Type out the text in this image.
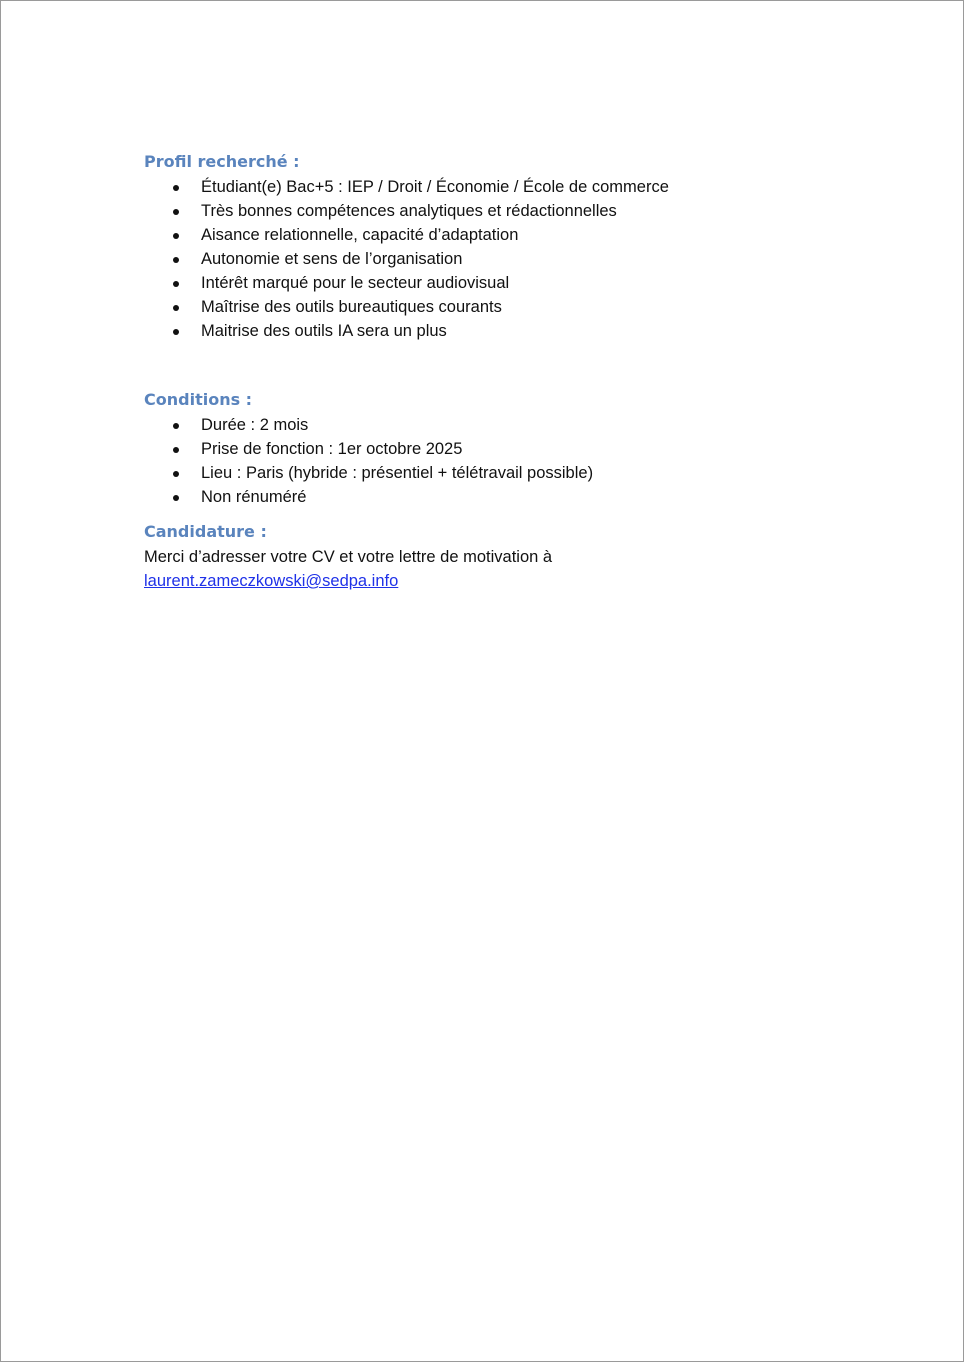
Profil recherché :
Étudiant(e) Bac+5 : IEP / Droit / Économie / École de commerce
Très bonnes compétences analytiques et rédactionnelles
Aisance relationnelle, capacité d’adaptation
Autonomie et sens de l’organisation
Intérêt marqué pour le secteur audiovisual
Maîtrise des outils bureautiques courants
Maitrise des outils IA sera un plus
Conditions :
Durée : 2 mois
Prise de fonction : 1er octobre 2025
Lieu : Paris (hybride : présentiel + télétravail possible)
Non rénuméré
Candidature :

Merci d’adresser votre CV et votre lettre de motivation à

laurent.zameczkowski@sedpa.info
